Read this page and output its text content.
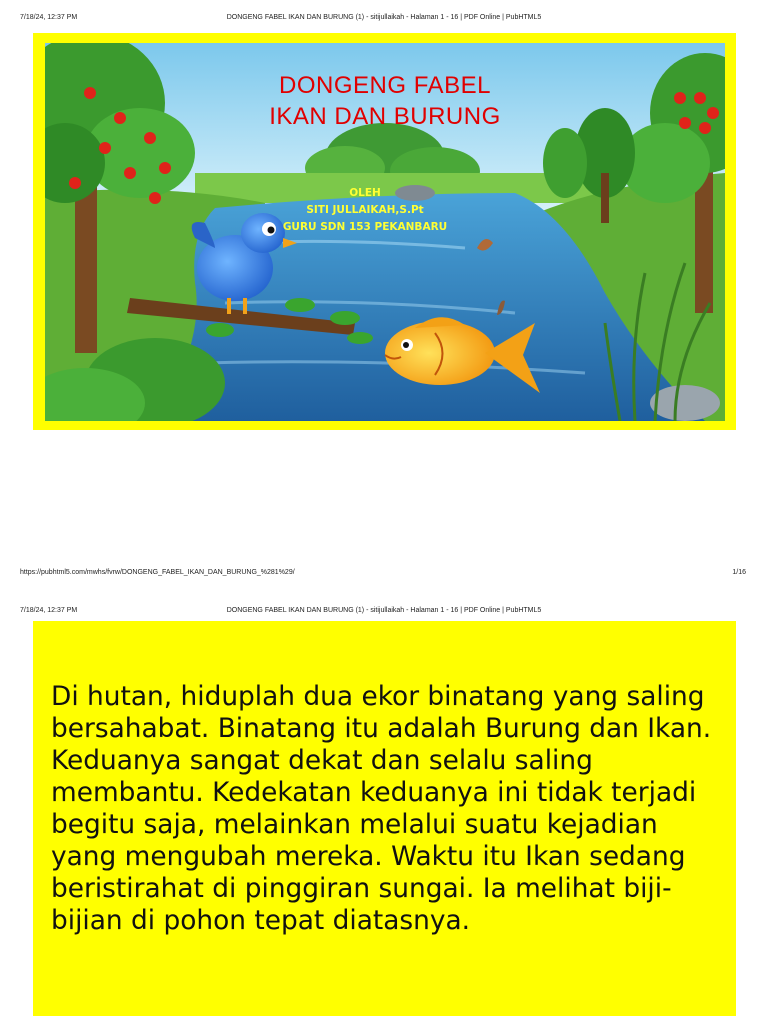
7/18/24, 12:37 PM	DONGENG FABEL IKAN DAN BURUNG (1) - sitijullaikah - Halaman 1 - 16 | PDF Online | PubHTML5
DONGENG FABEL
IKAN DAN BURUNG
OLEH
SITI JULLAIKAH,S.Pt
GURU SDN 153 PEKANBARU
https://pubhtml5.com/mwhs/fvrw/DONGENG_FABEL_IKAN_DAN_BURUNG_%281%29/	1/16
7/18/24, 12:37 PM	DONGENG FABEL IKAN DAN BURUNG (1) - sitijullaikah - Halaman 1 - 16 | PDF Online | PubHTML5
Di hutan, hiduplah dua ekor binatang yang saling
bersahabat. Binatang itu adalah Burung dan Ikan.
Keduanya sangat dekat dan selalu saling
membantu. Kedekatan keduanya ini tidak terjadi
begitu saja, melainkan melalui suatu kejadian
yang mengubah mereka. Waktu itu Ikan sedang
beristirahat di pinggiran sungai. Ia melihat biji-
bijian di pohon tepat diatasnya.
